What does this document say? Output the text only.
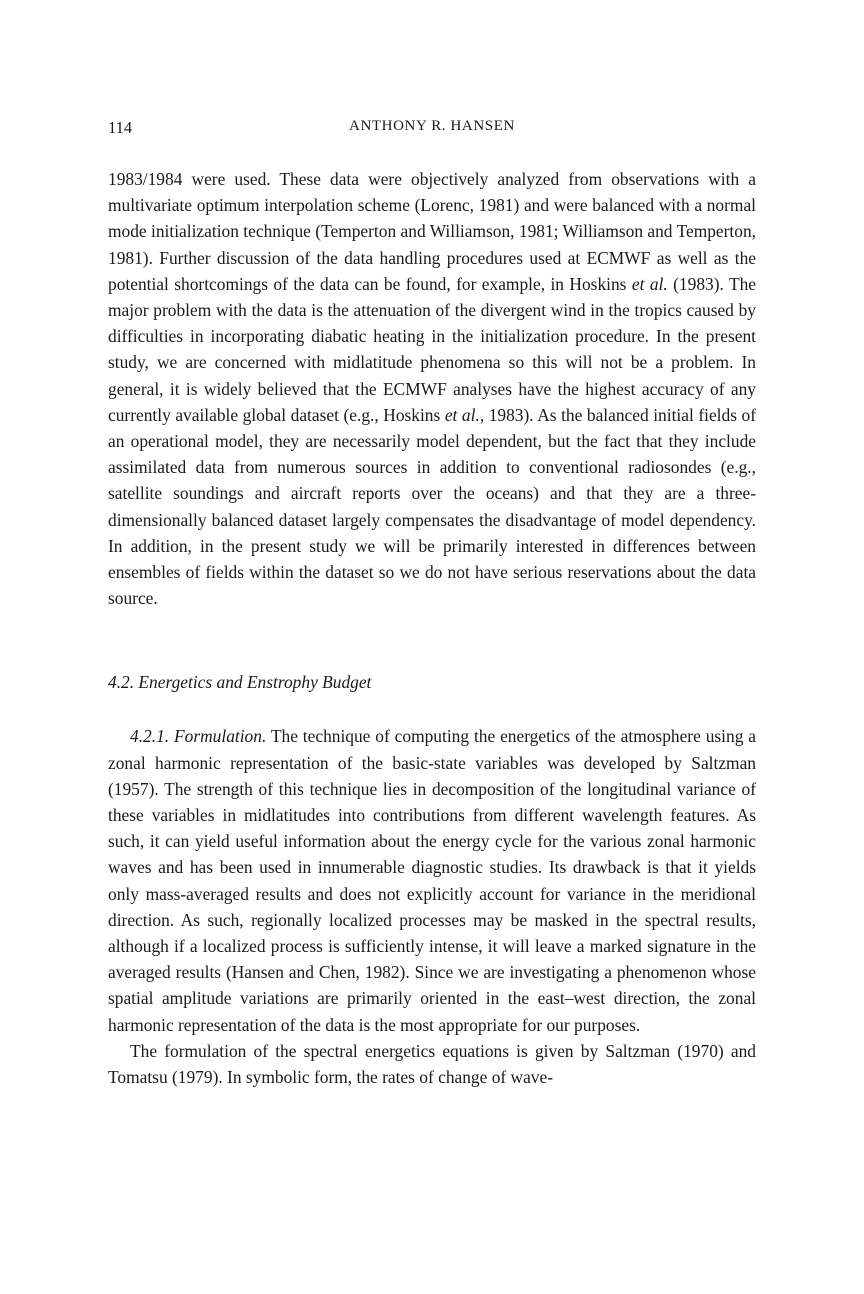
114	ANTHONY R. HANSEN

1983/1984 were used. These data were objectively analyzed from observations with a multivariate optimum interpolation scheme (Lorenc, 1981) and were balanced with a normal mode initialization technique (Temperton and Williamson, 1981; Williamson and Temperton, 1981). Further discussion of the data handling procedures used at ECMWF as well as the potential shortcomings of the data can be found, for example, in Hoskins et al. (1983). The major problem with the data is the attenuation of the divergent wind in the tropics caused by difficulties in incorporating diabatic heating in the initialization procedure. In the present study, we are concerned with midlatitude phenomena so this will not be a problem. In general, it is widely believed that the ECMWF analyses have the highest accuracy of any currently available global dataset (e.g., Hoskins et al., 1983). As the balanced initial fields of an operational model, they are necessarily model dependent, but the fact that they include assimilated data from numerous sources in addition to conventional radiosondes (e.g., satellite soundings and aircraft reports over the oceans) and that they are a three-dimensionally balanced dataset largely compensates the disadvantage of model dependency. In addition, in the present study we will be primarily interested in differences between ensembles of fields within the dataset so we do not have serious reservations about the data source.

4.2. Energetics and Enstrophy Budget

4.2.1. Formulation. The technique of computing the energetics of the atmosphere using a zonal harmonic representation of the basic-state variables was developed by Saltzman (1957). The strength of this technique lies in decomposition of the longitudinal variance of these variables in midlatitudes into contributions from different wavelength features. As such, it can yield useful information about the energy cycle for the various zonal harmonic waves and has been used in innumerable diagnostic studies. Its drawback is that it yields only mass-averaged results and does not explicitly account for variance in the meridional direction. As such, regionally localized processes may be masked in the spectral results, although if a localized process is sufficiently intense, it will leave a marked signature in the averaged results (Hansen and Chen, 1982). Since we are investigating a phenomenon whose spatial amplitude variations are primarily oriented in the east–west direction, the zonal harmonic representation of the data is the most appropriate for our purposes.

The formulation of the spectral energetics equations is given by Saltzman (1970) and Tomatsu (1979). In symbolic form, the rates of change of wave-
